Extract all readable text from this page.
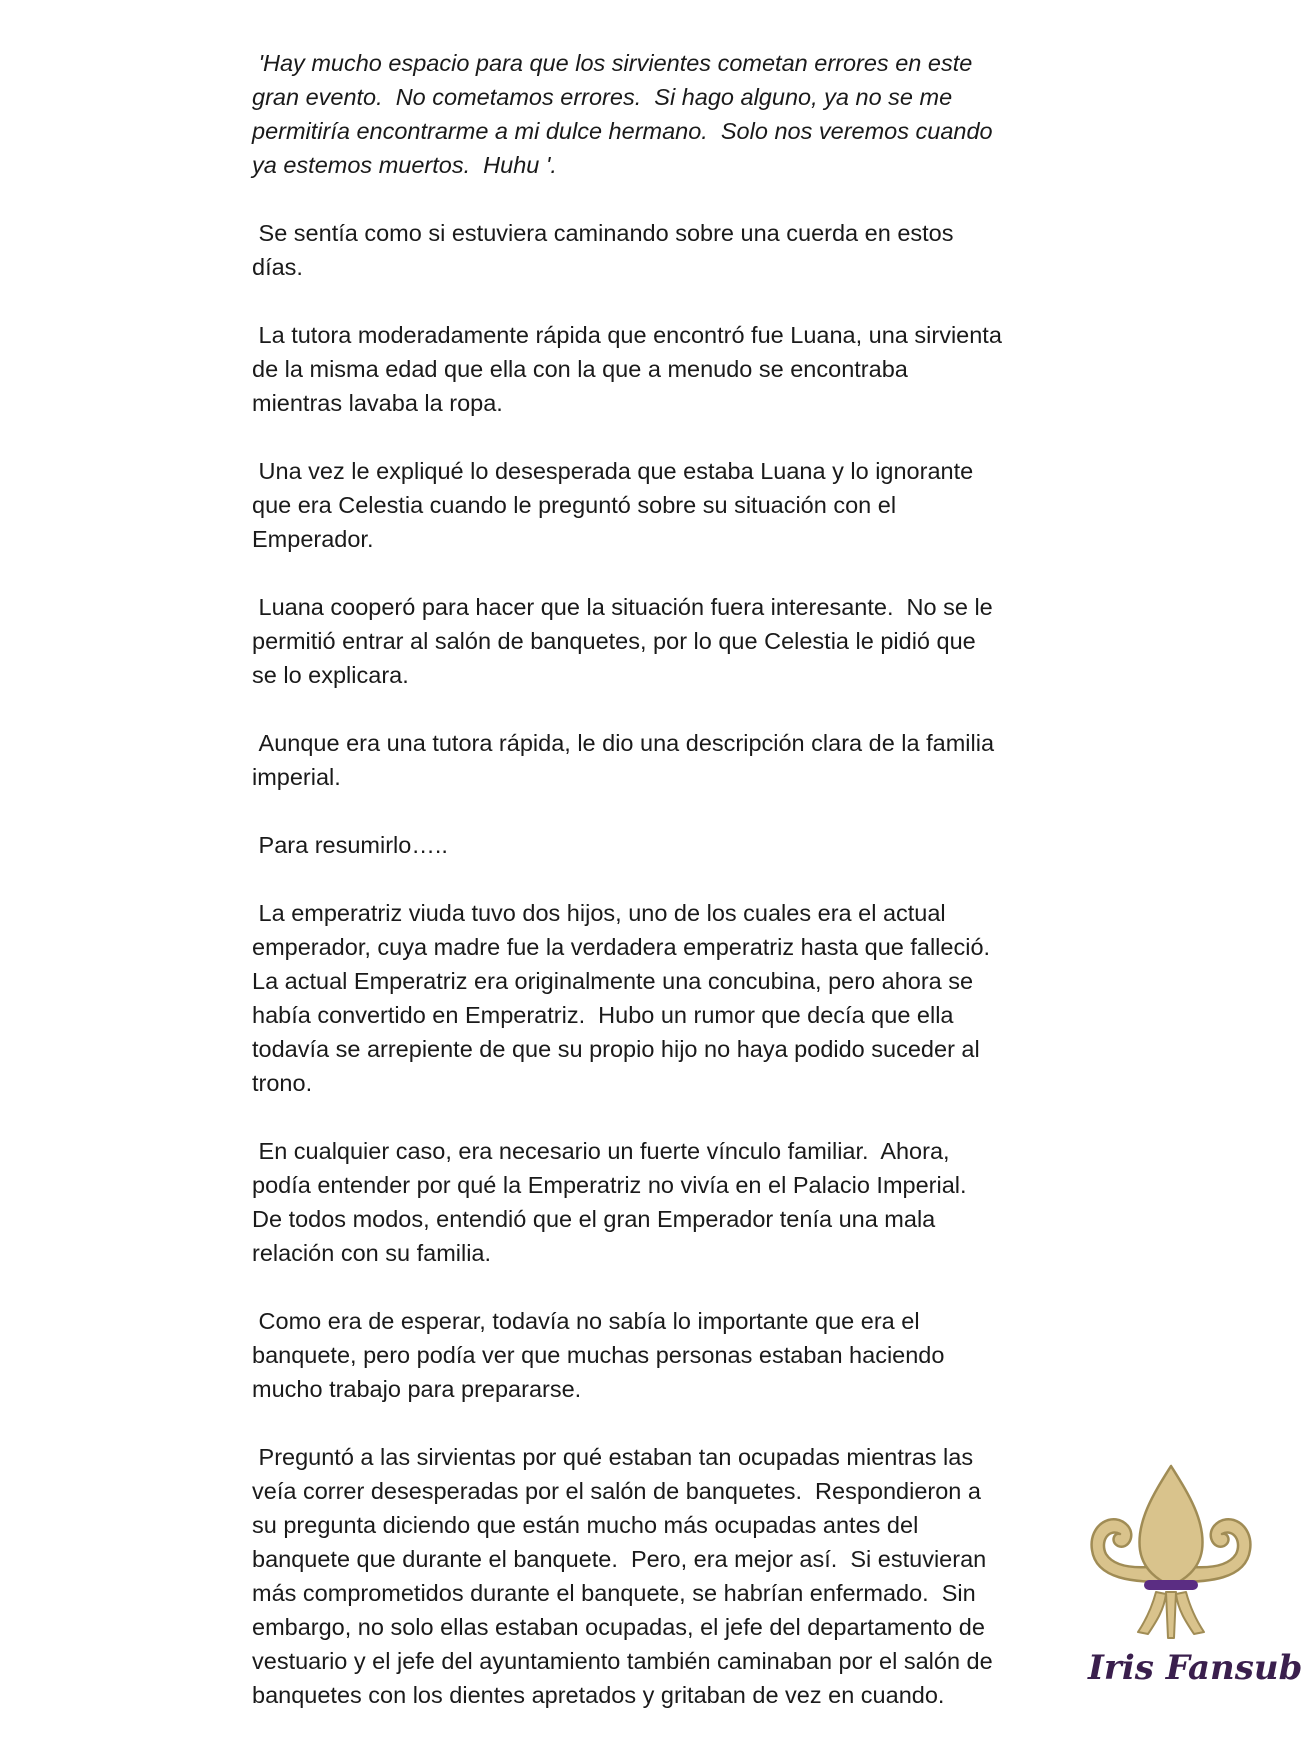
'Hay mucho espacio para que los sirvientes cometan errores en este
gran evento.  No cometamos errores.  Si hago alguno, ya no se me
permitiría encontrarme a mi dulce hermano.  Solo nos veremos cuando
ya estemos muertos.  Huhu '.

Se sentía como si estuviera caminando sobre una cuerda en estos
días.

La tutora moderadamente rápida que encontró fue Luana, una sirvienta
de la misma edad que ella con la que a menudo se encontraba
mientras lavaba la ropa.

Una vez le expliqué lo desesperada que estaba Luana y lo ignorante
que era Celestia cuando le preguntó sobre su situación con el
Emperador.

Luana cooperó para hacer que la situación fuera interesante.  No se le
permitió entrar al salón de banquetes, por lo que Celestia le pidió que
se lo explicara.

Aunque era una tutora rápida, le dio una descripción clara de la familia
imperial.

Para resumirlo…..

La emperatriz viuda tuvo dos hijos, uno de los cuales era el actual
emperador, cuya madre fue la verdadera emperatriz hasta que falleció.
La actual Emperatriz era originalmente una concubina, pero ahora se
había convertido en Emperatriz.  Hubo un rumor que decía que ella
todavía se arrepiente de que su propio hijo no haya podido suceder al
trono.

En cualquier caso, era necesario un fuerte vínculo familiar.  Ahora,
podía entender por qué la Emperatriz no vivía en el Palacio Imperial.
De todos modos, entendió que el gran Emperador tenía una mala
relación con su familia.

Como era de esperar, todavía no sabía lo importante que era el
banquete, pero podía ver que muchas personas estaban haciendo
mucho trabajo para prepararse.

Preguntó a las sirvientas por qué estaban tan ocupadas mientras las
veía correr desesperadas por el salón de banquetes.  Respondieron a
su pregunta diciendo que están mucho más ocupadas antes del
banquete que durante el banquete.  Pero, era mejor así.  Si estuvieran
más comprometidos durante el banquete, se habrían enfermado.  Sin
embargo, no solo ellas estaban ocupadas, el jefe del departamento de
vestuario y el jefe del ayuntamiento también caminaban por el salón de
banquetes con los dientes apretados y gritaban de vez en cuando.

Iris Fansub
